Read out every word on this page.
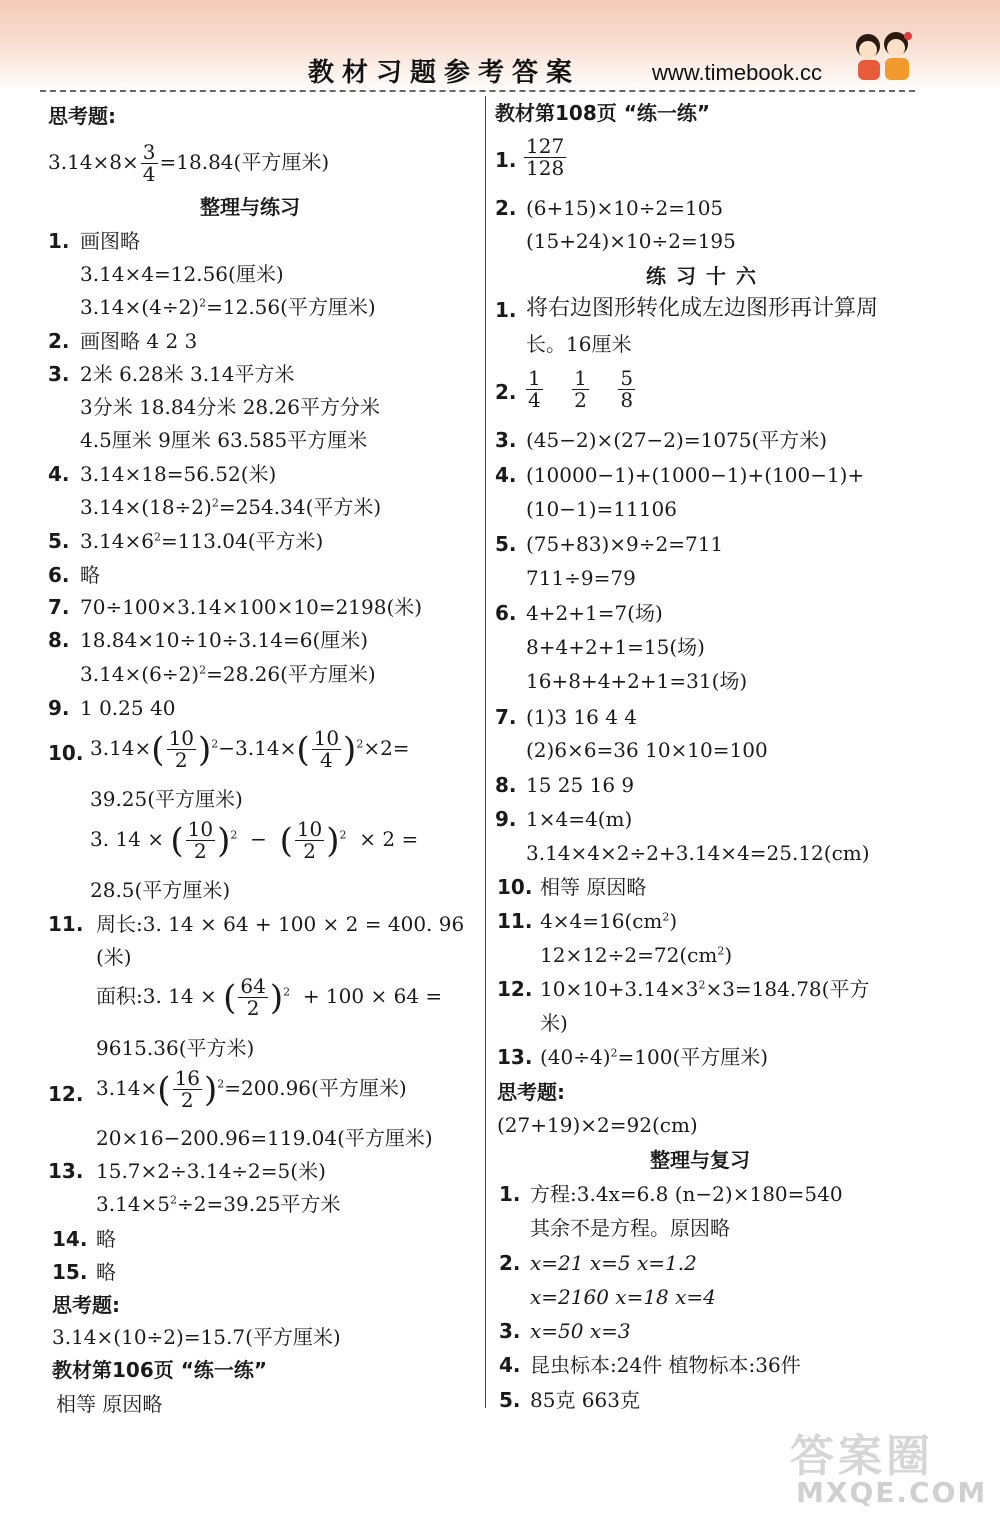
教材习题参考答案	www.timebook.cc
思考题:
$3.14\times 8\times \frac{3}{4} =18.84$(平方厘米)
整理与练习
1. 画图略
3.14×4=12.56(厘米)
$3.14\times(4\div 2)^2=12.56$(平方厘米)
2. 画图略 4 2 3
3. 2米 6.28米 3.14平方米
3分米 18.84分米 28.26平方分米
4.5厘米 9厘米 63.585平方厘米
4. 3.14×18=56.52(米)
$3.14\times(18\div 2)^2=254.34$(平方米)
5. $3.14\times 6^2=113.04$(平方米)
6. 略
7. 70÷100×3.14×100×10=2198(米)
8. 18.84×10÷10÷3.14=6(厘米)
$3.14\times(6\div 2)^2=28.26$(平方厘米)
9. 1 0.25 40
10. $3.14\times( \frac{10}{2} )^2-3.14\times( \frac{10}{4} )^2\times 2=$
39.25(平方厘米)
3. 14 × ( $\frac{10}{2} )^2$ − ( $\frac{10}{2} )^2 \times 2$ =
28.5(平方厘米)
11. 周长:3. 14 × 64 + 100 × 2 = 400. 96
(米)
面积:3. 14 × ( $\frac{64}{2} )^2 + 100 \times 64$ =
9615.36(平方米)
12. $3.14\times( \frac{16}{2} )^2=200.96$(平方厘米)
20×16−200.96=119.04(平方厘米)
13. 15.7×2÷3.14÷2=5(米)
$3.14\times 5^2\div 2=39.25$平方米
14. 略
15. 略
思考题:
3.14×(10÷2)=15.7(平方厘米)
教材第106页 “练一练”
相等 原因略
教材第108页 “练一练”
1. $\frac{127}{128}$
2. (6+15)×10÷2=105
(15+24)×10÷2=195
练习十六
1. 将右边图形转化成左边图形再计算周
长。16厘米
2. $\frac{1}{4}$
$\frac{1}{2}$
$\frac{5}{8}$
3. (45−2)×(27−2)=1075(平方米)
4. (10000−1)+(1000−1)+(100−1)+
(10−1)=11106
5. (75+83)×9÷2=711
711÷9=79
6. 4+2+1=7(场)
8+4+2+1=15(场)
16+8+4+2+1=31(场)
7. (1)3 16 4 4
(2)6×6=36 10×10=100
8. 15 25 16 9
9. 1×4=4(m)
3.14×4×2÷2+3.14×4=25.12(cm)
10. 相等 原因略
11. $4\times 4=16(cm^2)$
$12\times 12\div 2=72(cm^2)$
12. $10\times 10+3.14\times 3^2\times 3=184.78$(平方
米)
13. $(40\div 4)^2=100$(平方厘米)
思考题:
(27+19)×2=92(cm)
整理与复习
1. 方程:3.4x=6.8 (n−2)×180=540
其余不是方程。原因略
2. x=21 x=5 x=1.2
x=2160 x=18 x=4
3. x=50 x=3
4. 昆虫标本:24件 植物标本:36件
5. 85克 663克
答案圈
MXQE.COM
